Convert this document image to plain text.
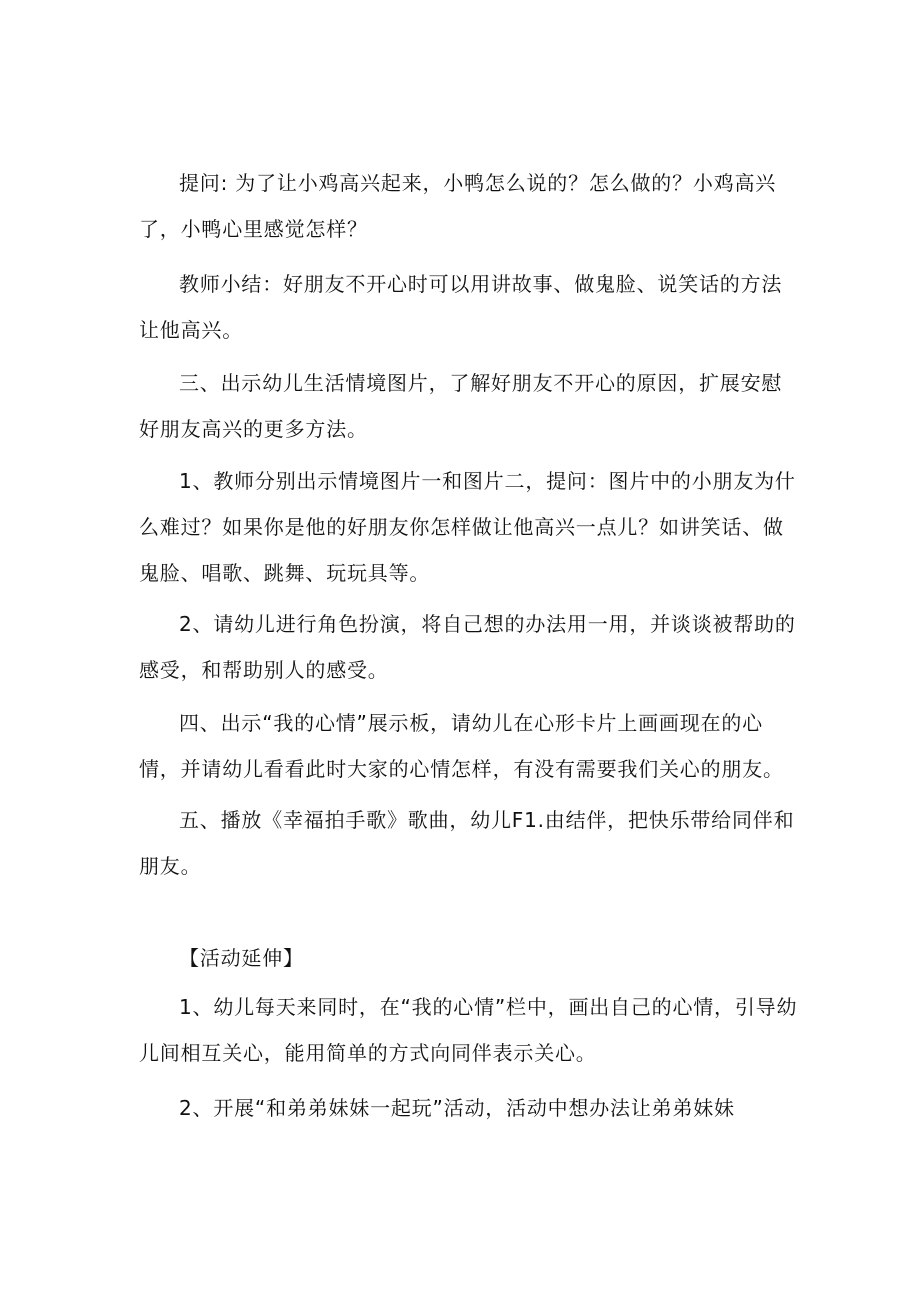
提问: 为了让小鸡高兴起来，小鸭怎么说的？怎么做的？小鸡高兴了，小鸭心里感觉怎样？

教师小结：好朋友不开心时可以用讲故事、做鬼脸、说笑话的方法让他高兴。

三、出示幼儿生活情境图片，了解好朋友不开心的原因，扩展安慰好朋友高兴的更多方法。

1、教师分别出示情境图片一和图片二，提问：图片中的小朋友为什么难过？如果你是他的好朋友你怎样做让他高兴一点儿？如讲笑话、做鬼脸、唱歌、跳舞、玩玩具等。

2、请幼儿进行角色扮演，将自己想的办法用一用，并谈谈被帮助的感受，和帮助别人的感受。

四、出示“我的心情”展示板，请幼儿在心形卡片上画画现在的心情，并请幼儿看看此时大家的心情怎样，有没有需要我们关心的朋友。

五、播放《幸福拍手歌》歌曲，幼儿F1.由结伴，把快乐带给同伴和朋友。

【活动延伸】

1、幼儿每天来同时，在“我的心情”栏中，画出自己的心情，引导幼儿间相互关心，能用简单的方式向同伴表示关心。

2、开展“和弟弟妹妹一起玩”活动，活动中想办法让弟弟妹妹
